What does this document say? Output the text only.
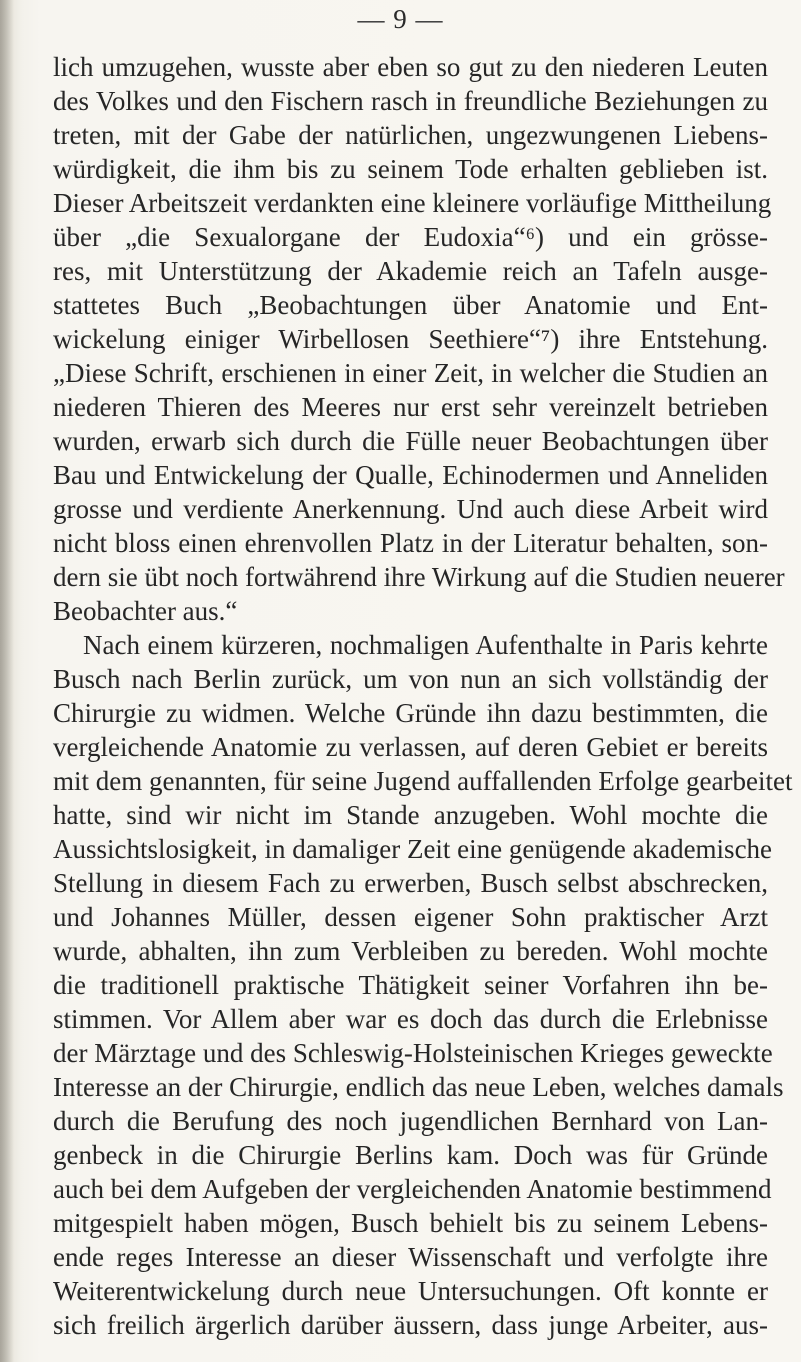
— 9 —
lich umzugehen, wusste aber eben so gut zu den niederen Leuten
des Volkes und den Fischern rasch in freundliche Beziehungen zu
treten, mit der Gabe der natürlichen, ungezwungenen Liebens-
würdigkeit, die ihm bis zu seinem Tode erhalten geblieben ist.
Dieser Arbeitszeit verdankten eine kleinere vorläufige Mittheilung
über „die Sexualorgane der Eudoxia“⁶) und ein grösse-
res, mit Unterstützung der Akademie reich an Tafeln ausge-
stattetes Buch „Beobachtungen über Anatomie und Ent-
wickelung einiger Wirbellosen Seethiere“⁷) ihre Entstehung.
„Diese Schrift, erschienen in einer Zeit, in welcher die Studien an
niederen Thieren des Meeres nur erst sehr vereinzelt betrieben
wurden, erwarb sich durch die Fülle neuer Beobachtungen über
Bau und Entwickelung der Qualle, Echinodermen und Anneliden
grosse und verdiente Anerkennung. Und auch diese Arbeit wird
nicht bloss einen ehrenvollen Platz in der Literatur behalten, son-
dern sie übt noch fortwährend ihre Wirkung auf die Studien neuerer
Beobachter aus.“
Nach einem kürzeren, nochmaligen Aufenthalte in Paris kehrte
Busch nach Berlin zurück, um von nun an sich vollständig der
Chirurgie zu widmen. Welche Gründe ihn dazu bestimmten, die
vergleichende Anatomie zu verlassen, auf deren Gebiet er bereits
mit dem genannten, für seine Jugend auffallenden Erfolge gearbeitet
hatte, sind wir nicht im Stande anzugeben. Wohl mochte die
Aussichtslosigkeit, in damaliger Zeit eine genügende akademische
Stellung in diesem Fach zu erwerben, Busch selbst abschrecken,
und Johannes Müller, dessen eigener Sohn praktischer Arzt
wurde, abhalten, ihn zum Verbleiben zu bereden. Wohl mochte
die traditionell praktische Thätigkeit seiner Vorfahren ihn be-
stimmen. Vor Allem aber war es doch das durch die Erlebnisse
der Märztage und des Schleswig-Holsteinischen Krieges geweckte
Interesse an der Chirurgie, endlich das neue Leben, welches damals
durch die Berufung des noch jugendlichen Bernhard von Lan-
genbeck in die Chirurgie Berlins kam. Doch was für Gründe
auch bei dem Aufgeben der vergleichenden Anatomie bestimmend
mitgespielt haben mögen, Busch behielt bis zu seinem Lebens-
ende reges Interesse an dieser Wissenschaft und verfolgte ihre
Weiterentwickelung durch neue Untersuchungen. Oft konnte er
sich freilich ärgerlich darüber äussern, dass junge Arbeiter, aus-
